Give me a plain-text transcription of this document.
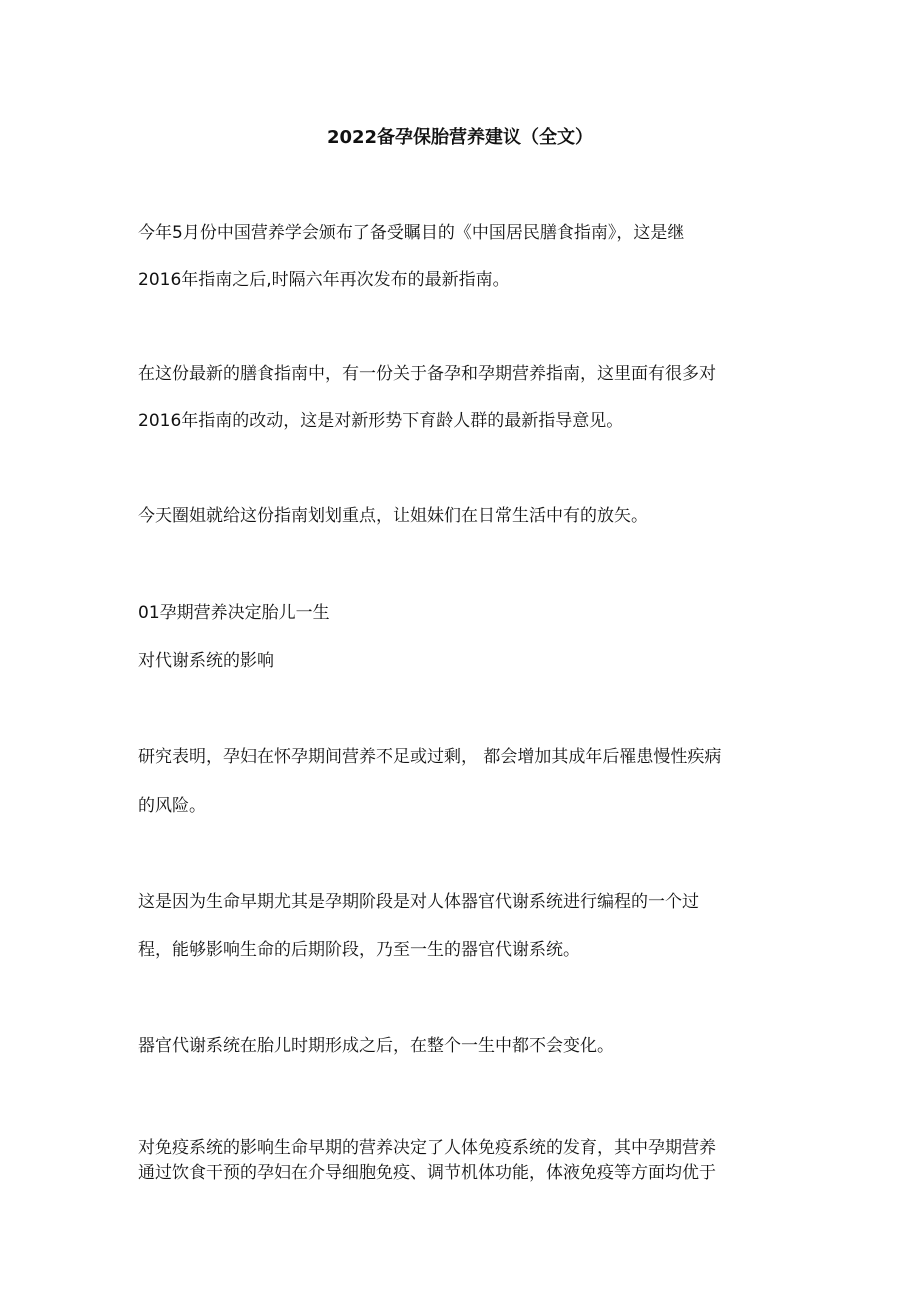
2022备孕保胎营养建议（全文）

今年5月份中国营养学会颁布了备受瞩目的《中国居民膳食指南》，这是继

2016年指南之后,时隔六年再次发布的最新指南。

在这份最新的膳食指南中，有一份关于备孕和孕期营养指南，这里面有很多对

2016年指南的改动，这是对新形势下育龄人群的最新指导意见。

今天圈姐就给这份指南划划重点，让姐妹们在日常生活中有的放矢。

01孕期营养决定胎儿一生

对代谢系统的影响

研究表明，孕妇在怀孕期间营养不足或过剩， 都会增加其成年后罹患慢性疾病

的风险。

这是因为生命早期尤其是孕期阶段是对人体器官代谢系统进行编程的一个过

程，能够影响生命的后期阶段，乃至一生的器官代谢系统。

器官代谢系统在胎儿时期形成之后，在整个一生中都不会变化。

对免疫系统的影响生命早期的营养决定了人体免疫系统的发育，其中孕期营养

通过饮食干预的孕妇在介导细胞免疫、调节机体功能，体液免疫等方面均优于
